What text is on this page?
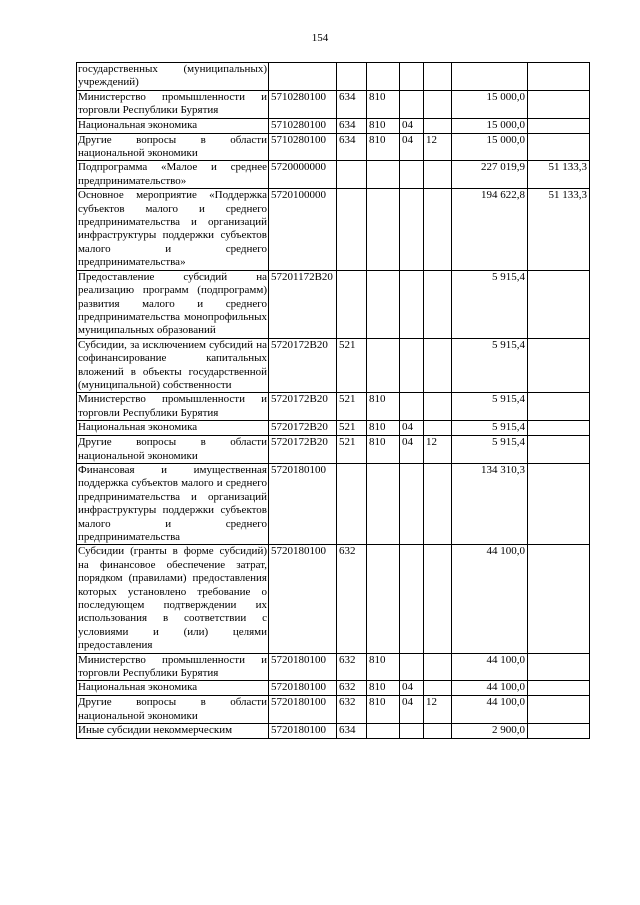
154
государственных (муниципальных) учреждений)							
Министерство промышленности и торговли Республики Бурятия	5710280100	634	810			15 000,0	
Национальная экономика	5710280100	634	810	04		15 000,0	
Другие вопросы в области национальной экономики	5710280100	634	810	04	12	15 000,0	
Подпрограмма «Малое и среднее предпринимательство»	5720000000					227 019,9	51 133,3
Основное мероприятие «Поддержка субъектов малого и среднего предпринимательства и организаций инфраструктуры поддержки субъектов малого и среднего предпринимательства»	5720100000					194 622,8	51 133,3
Предоставление субсидий на реализацию программ (подпрограмм) развития малого и среднего предпринимательства монопрофильных муниципальных образований	57201172В20					5 915,4	
Субсидии, за исключением субсидий на софинансирование капитальных вложений в объекты государственной (муниципальной) собственности	5720172В20	521				5 915,4	
Министерство промышленности и торговли Республики Бурятия	5720172В20	521	810			5 915,4	
Национальная экономика	5720172В20	521	810	04		5 915,4	
Другие вопросы в области национальной экономики	5720172В20	521	810	04	12	5 915,4	
Финансовая и имущественная поддержка субъектов малого и среднего предпринимательства и организаций инфраструктуры поддержки субъектов малого и среднего предпринимательства	5720180100					134 310,3	
Субсидии (гранты в форме субсидий) на финансовое обеспечение затрат, порядком (правилами) предоставления которых установлено требование о последующем подтверждении их использования в соответствии с условиями и (или) целями предоставления	5720180100	632				44 100,0	
Министерство промышленности и торговли Республики Бурятия	5720180100	632	810			44 100,0	
Национальная экономика	5720180100	632	810	04		44 100,0	
Другие вопросы в области национальной экономики	5720180100	632	810	04	12	44 100,0	
Иные субсидии некоммерческим	5720180100	634				2 900,0	
